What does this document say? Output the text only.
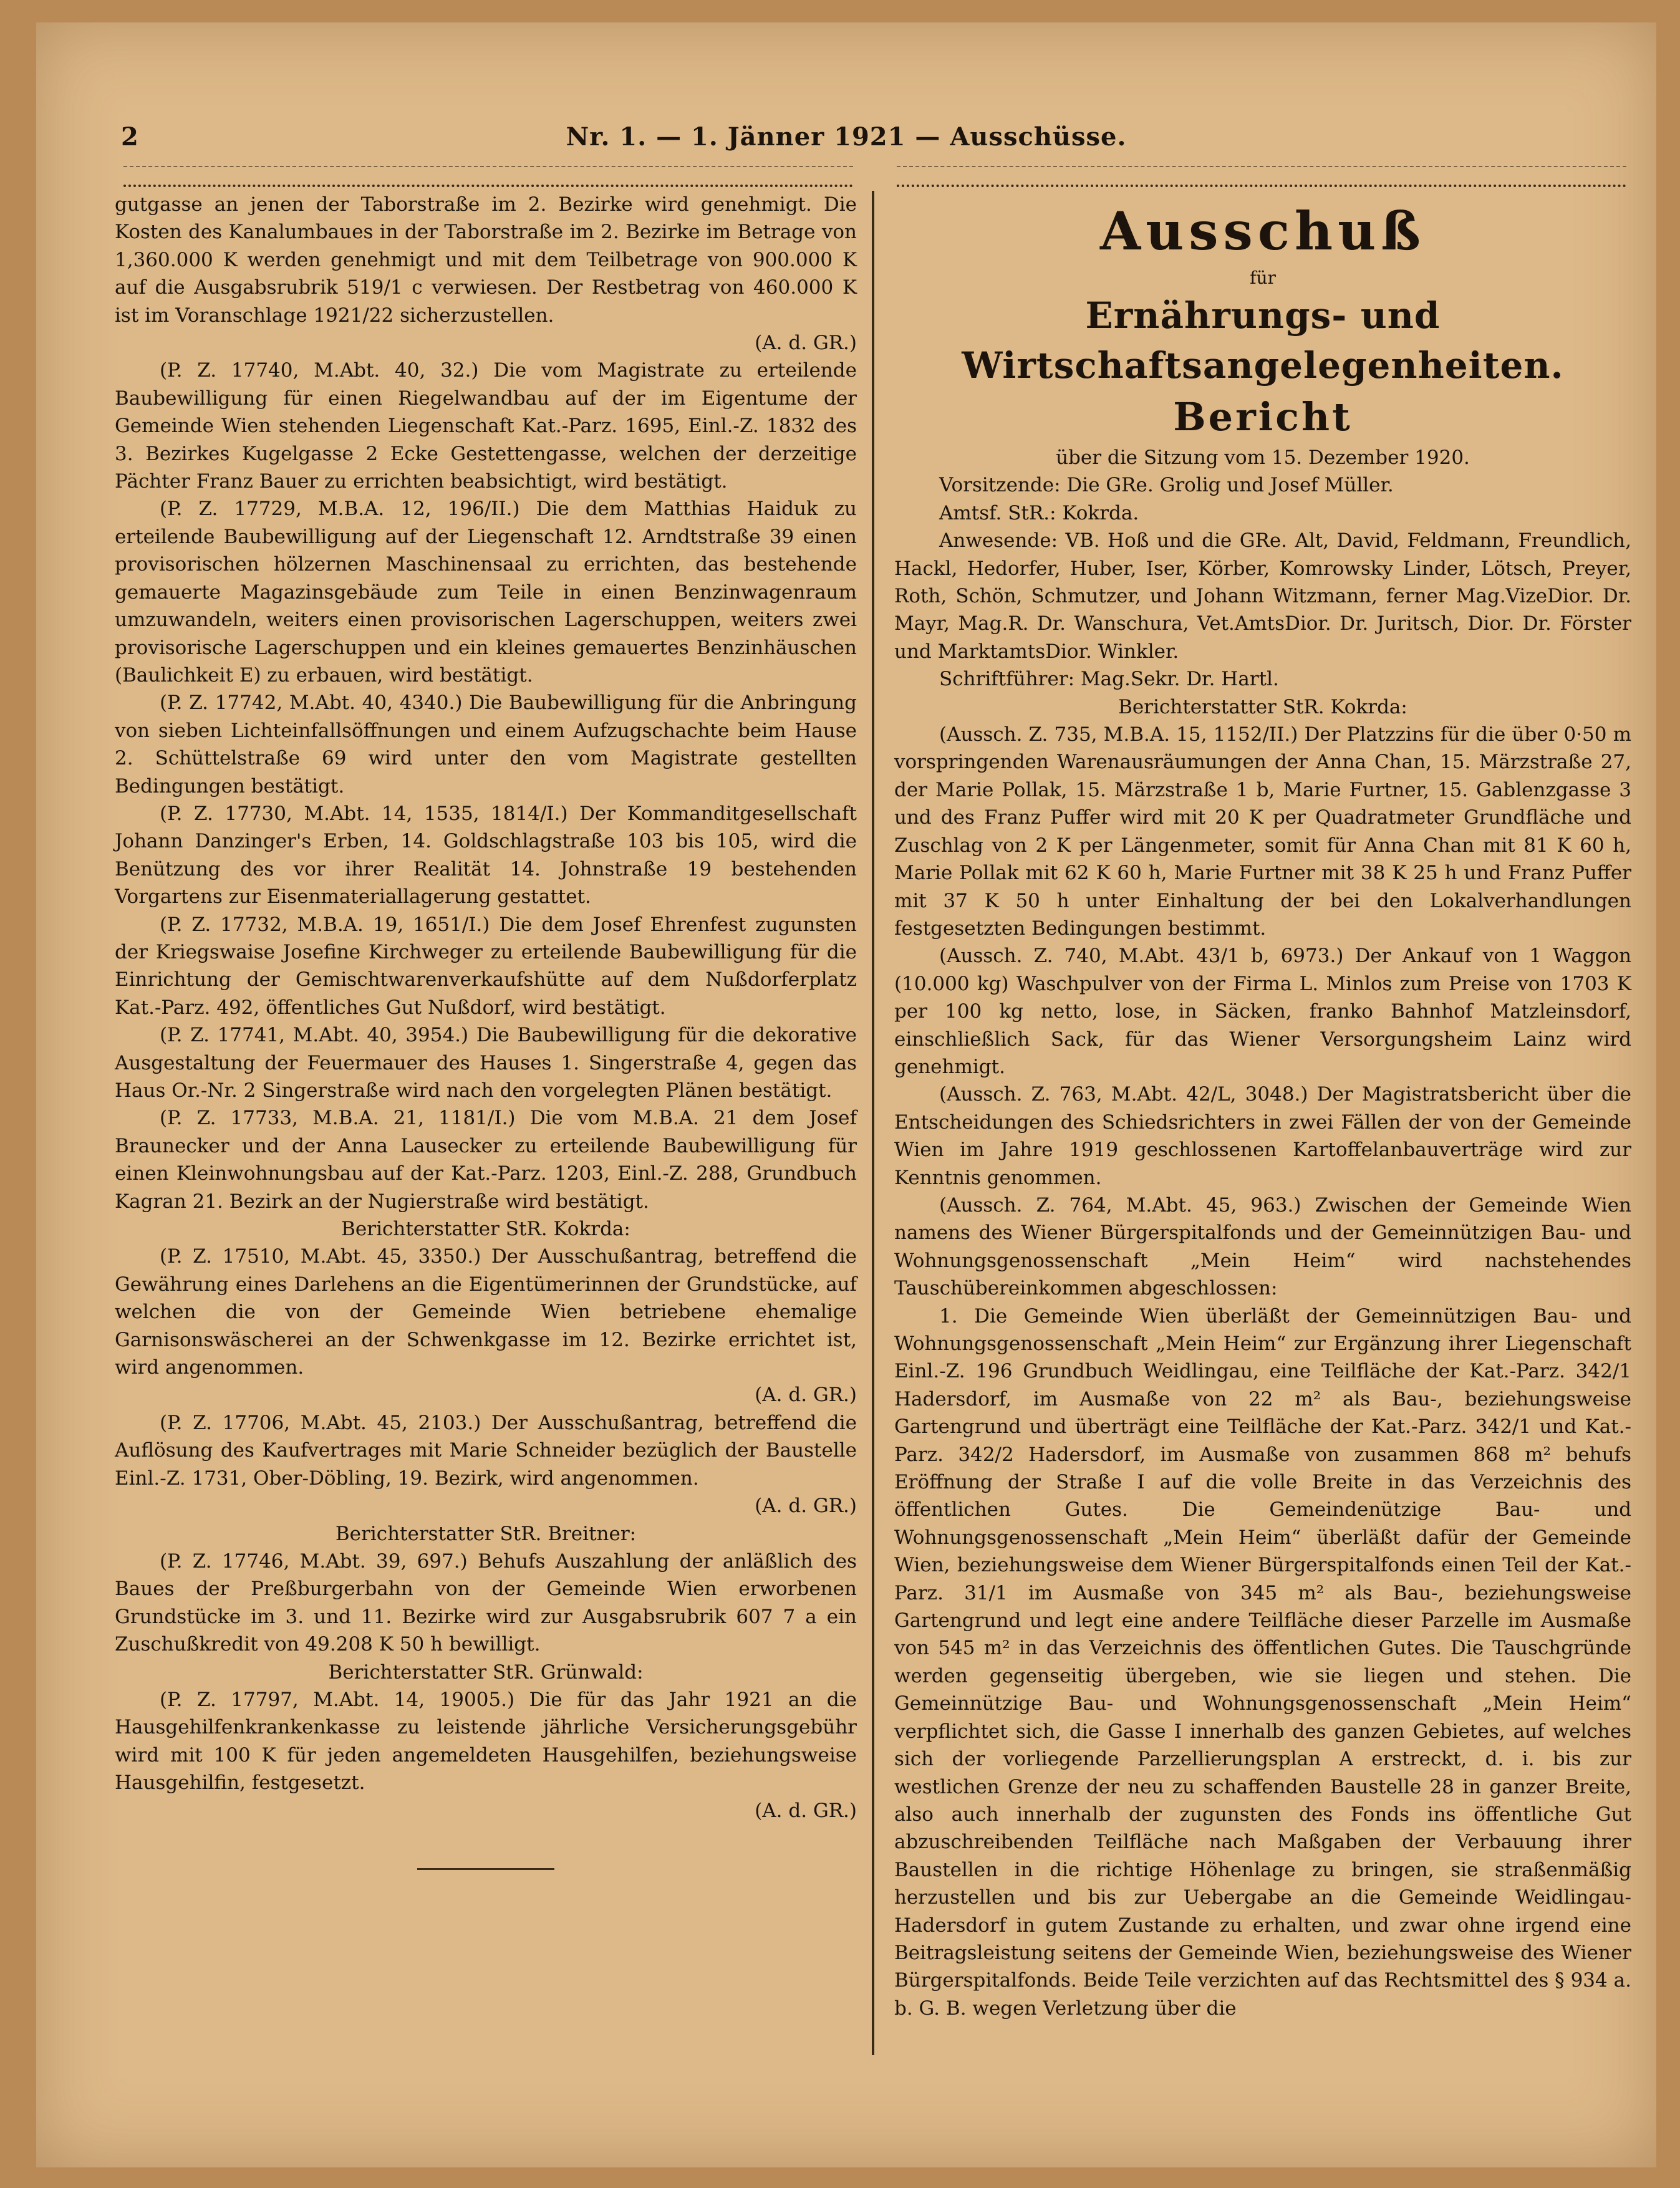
2	Nr. 1. — 1. Jänner 1921 — Ausschüsse.

gutgasse an jenen der Taborstraße im 2. Bezirke wird genehmigt. Die Kosten des Kanalumbaues in der Taborstraße im 2. Bezirke im Betrage von 1,360.000 K werden genehmigt und mit dem Teilbetrage von 900.000 K auf die Ausgabsrubrik 519/1 c verwiesen. Der Restbetrag von 460.000 K ist im Voranschlage 1921/22 sicherzustellen.

(A. d. GR.)

(P. Z. 17740, M.Abt. 40, 32.) Die vom Magistrate zu erteilende Baubewilligung für einen Riegelwandbau auf der im Eigentume der Gemeinde Wien stehenden Liegenschaft Kat.-Parz. 1695, Einl.-Z. 1832 des 3. Bezirkes Kugelgasse 2 Ecke Gestettengasse, welchen der derzeitige Pächter Franz Bauer zu errichten beabsichtigt, wird bestätigt.

(P. Z. 17729, M.B.A. 12, 196/II.) Die dem Matthias Haiduk zu erteilende Baubewilligung auf der Liegenschaft 12. Arndtstraße 39 einen provisorischen hölzernen Maschinensaal zu errichten, das bestehende gemauerte Magazinsgebäude zum Teile in einen Benzinwagenraum umzuwandeln, weiters einen provisorischen Lagerschuppen, weiters zwei provisorische Lagerschuppen und ein kleines gemauertes Benzinhäuschen (Baulichkeit E) zu erbauen, wird bestätigt.

(P. Z. 17742, M.Abt. 40, 4340.) Die Baubewilligung für die Anbringung von sieben Lichteinfallsöffnungen und einem Aufzugschachte beim Hause 2. Schüttelstraße 69 wird unter den vom Magistrate gestellten Bedingungen bestätigt.

(P. Z. 17730, M.Abt. 14, 1535, 1814/I.) Der Kommanditgesellschaft Johann Danzinger's Erben, 14. Goldschlagstraße 103 bis 105, wird die Benützung des vor ihrer Realität 14. Johnstraße 19 bestehenden Vorgartens zur Eisenmateriallagerung gestattet.

(P. Z. 17732, M.B.A. 19, 1651/I.) Die dem Josef Ehrenfest zugunsten der Kriegswaise Josefine Kirchweger zu erteilende Baubewilligung für die Einrichtung der Gemischtwarenverkaufshütte auf dem Nußdorferplatz Kat.-Parz. 492, öffentliches Gut Nußdorf, wird bestätigt.

(P. Z. 17741, M.Abt. 40, 3954.) Die Baubewilligung für die dekorative Ausgestaltung der Feuermauer des Hauses 1. Singerstraße 4, gegen das Haus Or.-Nr. 2 Singerstraße wird nach den vorgelegten Plänen bestätigt.

(P. Z. 17733, M.B.A. 21, 1181/I.) Die vom M.B.A. 21 dem Josef Braunecker und der Anna Lausecker zu erteilende Baubewilligung für einen Kleinwohnungsbau auf der Kat.-Parz. 1203, Einl.-Z. 288, Grundbuch Kagran 21. Bezirk an der Nugierstraße wird bestätigt.

Berichterstatter StR. Kokrda:

(P. Z. 17510, M.Abt. 45, 3350.) Der Ausschußantrag, betreffend die Gewährung eines Darlehens an die Eigentümerinnen der Grundstücke, auf welchen die von der Gemeinde Wien betriebene ehemalige Garnisonswäscherei an der Schwenkgasse im 12. Bezirke errichtet ist, wird angenommen.

(A. d. GR.)

(P. Z. 17706, M.Abt. 45, 2103.) Der Ausschußantrag, betreffend die Auflösung des Kaufvertrages mit Marie Schneider bezüglich der Baustelle Einl.-Z. 1731, Ober-Döbling, 19. Bezirk, wird angenommen.

(A. d. GR.)

Berichterstatter StR. Breitner:

(P. Z. 17746, M.Abt. 39, 697.) Behufs Auszahlung der anläßlich des Baues der Preßburgerbahn von der Gemeinde Wien erworbenen Grundstücke im 3. und 11. Bezirke wird zur Ausgabsrubrik 607 7 a ein Zuschußkredit von 49.208 K 50 h bewilligt.

Berichterstatter StR. Grünwald:

(P. Z. 17797, M.Abt. 14, 19005.) Die für das Jahr 1921 an die Hausgehilfenkrankenkasse zu leistende jährliche Versicherungsgebühr wird mit 100 K für jeden angemeldeten Hausgehilfen, beziehungsweise Hausgehilfin, festgesetzt.

(A. d. GR.)

Ausschuß
für
Ernährungs- und Wirtschaftsangelegenheiten.
Bericht

über die Sitzung vom 15. Dezember 1920.

Vorsitzende: Die GRe. Grolig und Josef Müller.

Amtsf. StR.: Kokrda.

Anwesende: VB. Hoß und die GRe. Alt, David, Feldmann, Freundlich, Hackl, Hedorfer, Huber, Iser, Körber, Komrowsky Linder, Lötsch, Preyer, Roth, Schön, Schmutzer, und Johann Witzmann, ferner Mag.VizeDior. Dr. Mayr, Mag.R. Dr. Wanschura, Vet.AmtsDior. Dr. Juritsch, Dior. Dr. Förster und MarktamtsDior. Winkler.

Schriftführer: Mag.Sekr. Dr. Hartl.

Berichterstatter StR. Kokrda:

(Aussch. Z. 735, M.B.A. 15, 1152/II.) Der Platzzins für die über 0·50 m vorspringenden Warenausräumungen der Anna Chan, 15. Märzstraße 27, der Marie Pollak, 15. Märzstraße 1 b, Marie Furtner, 15. Gablenzgasse 3 und des Franz Puffer wird mit 20 K per Quadratmeter Grundfläche und Zuschlag von 2 K per Längenmeter, somit für Anna Chan mit 81 K 60 h, Marie Pollak mit 62 K 60 h, Marie Furtner mit 38 K 25 h und Franz Puffer mit 37 K 50 h unter Einhaltung der bei den Lokalverhandlungen festgesetzten Bedingungen bestimmt.

(Aussch. Z. 740, M.Abt. 43/1 b, 6973.) Der Ankauf von 1 Waggon (10.000 kg) Waschpulver von der Firma L. Minlos zum Preise von 1703 K per 100 kg netto, lose, in Säcken, franko Bahnhof Matzleinsdorf, einschließlich Sack, für das Wiener Versorgungsheim Lainz wird genehmigt.

(Aussch. Z. 763, M.Abt. 42/L, 3048.) Der Magistratsbericht über die Entscheidungen des Schiedsrichters in zwei Fällen der von der Gemeinde Wien im Jahre 1919 geschlossenen Kartoffelanbauverträge wird zur Kenntnis genommen.

(Aussch. Z. 764, M.Abt. 45, 963.) Zwischen der Gemeinde Wien namens des Wiener Bürgerspitalfonds und der Gemeinnützigen Bau- und Wohnungsgenossenschaft „Mein Heim“ wird nachstehendes Tauschübereinkommen abgeschlossen:

1. Die Gemeinde Wien überläßt der Gemeinnützigen Bau- und Wohnungsgenossenschaft „Mein Heim“ zur Ergänzung ihrer Liegenschaft Einl.-Z. 196 Grundbuch Weidlingau, eine Teilfläche der Kat.-Parz. 342/1 Hadersdorf, im Ausmaße von 22 m² als Bau-, beziehungsweise Gartengrund und überträgt eine Teilfläche der Kat.-Parz. 342/1 und Kat.-Parz. 342/2 Hadersdorf, im Ausmaße von zusammen 868 m² behufs Eröffnung der Straße I auf die volle Breite in das Verzeichnis des öffentlichen Gutes. Die Gemeindenützige Bau- und Wohnungsgenossenschaft „Mein Heim“ überläßt dafür der Gemeinde Wien, beziehungsweise dem Wiener Bürgerspitalfonds einen Teil der Kat.-Parz. 31/1 im Ausmaße von 345 m² als Bau-, beziehungsweise Gartengrund und legt eine andere Teilfläche dieser Parzelle im Ausmaße von 545 m² in das Verzeichnis des öffentlichen Gutes. Die Tauschgründe werden gegenseitig übergeben, wie sie liegen und stehen. Die Gemeinnützige Bau- und Wohnungsgenossenschaft „Mein Heim“ verpflichtet sich, die Gasse I innerhalb des ganzen Gebietes, auf welches sich der vorliegende Parzellierungsplan A erstreckt, d. i. bis zur westlichen Grenze der neu zu schaffenden Baustelle 28 in ganzer Breite, also auch innerhalb der zugunsten des Fonds ins öffentliche Gut abzuschreibenden Teilfläche nach Maßgaben der Verbauung ihrer Baustellen in die richtige Höhenlage zu bringen, sie straßenmäßig herzustellen und bis zur Uebergabe an die Gemeinde Weidlingau-Hadersdorf in gutem Zustande zu erhalten, und zwar ohne irgend eine Beitragsleistung seitens der Gemeinde Wien, beziehungsweise des Wiener Bürgerspitalfonds. Beide Teile verzichten auf das Rechtsmittel des § 934 a. b. G. B. wegen Verletzung über die
